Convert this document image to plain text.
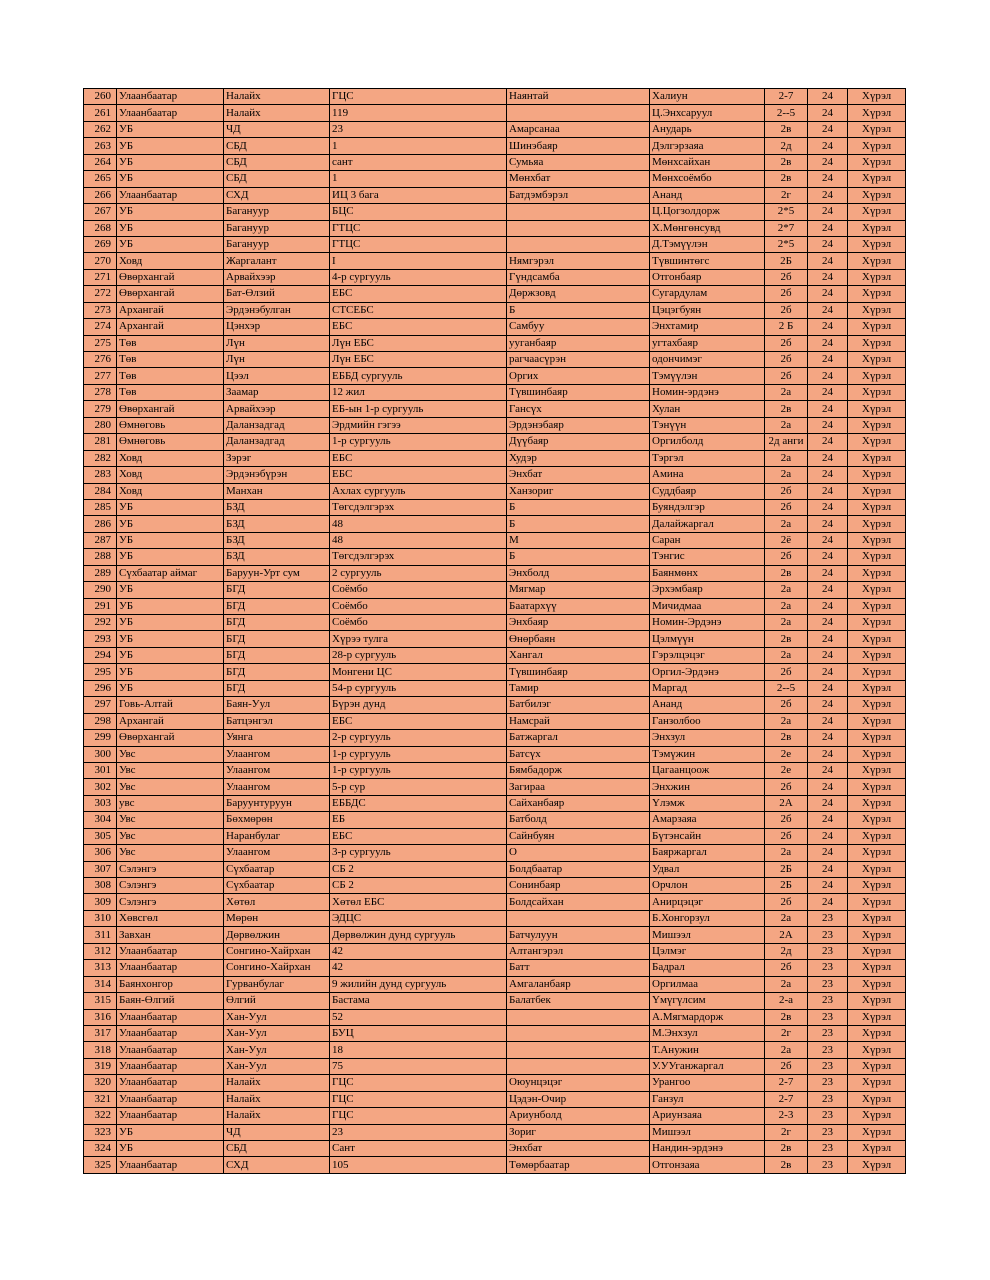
260	Улаанбаатар	Налайх	ГЦС	Наянтай	Халиун	2-7	24	Хүрэл
261	Улаанбаатар	Налайх	119		Ц.Энхсаруул	2--5	24	Хүрэл
262	УБ	ЧД	23	Амарсанаа	Анударь	2в	24	Хүрэл
263	УБ	СБД	1	Шинэбаяр	Дэлгэрзаяа	2д	24	Хүрэл
264	УБ	СБД	сант	Сумьяа	Мөнхсайхан	2в	24	Хүрэл
265	УБ	СБД	1	Мөнхбат	Мөнхсоёмбо	2в	24	Хүрэл
266	Улаанбаатар	СХД	ИЦ 3 бага	Батдэмбэрэл	Ананд	2г	24	Хүрэл
267	УБ	Багануур	БЦС		Ц.Цогзолдорж	2*5	24	Хүрэл
268	УБ	Багануур	ГТЦС		Х.Мөнгөнсувд	2*7	24	Хүрэл
269	УБ	Багануур	ГТЦС		Д.Тэмүүлэн	2*5	24	Хүрэл
270	Ховд	Жаргалант	I	Нямгэрэл	Түвшинтөгс	2Б	24	Хүрэл
271	Өвөрхангай	Арвайхээр	4-р сургууль	Гүндсамба	Отгонбаяр	2б	24	Хүрэл
272	Өвөрхангай	Бат-Өлзий	ЕБС	Дөржзовд	Сугардулам	2б	24	Хүрэл
273	Архангай	Эрдэнэбулган	СТСЕБС	Б	Цэцэгбуян	2б	24	Хүрэл
274	Архангай	Цэнхэр	ЕБС	Самбуу	Энхтамир	2 Б	24	Хүрэл
275	Төв	Лүн	Лүн ЕБС	ууганбаяр	угтахбаяр	2б	24	Хүрэл
276	Төв	Лүн	Лүн ЕБС	рагчаасүрэн	одончимэг	2б	24	Хүрэл
277	Төв	Цээл	ЕББД сургууль	Оргих	Тэмүүлэн	2б	24	Хүрэл
278	Төв	Заамар	12 жил	Түвшинбаяр	Номин-эрдэнэ	2а	24	Хүрэл
279	Өвөрхангай	Арвайхээр	ЕБ-ын 1-р сургууль	Гансүх	Хулан	2в	24	Хүрэл
280	Өмнөговь	Даланзадгад	Эрдмийн гэгээ	Эрдэнэбаяр	Тэнүүн	2а	24	Хүрэл
281	Өмнөговь	Даланзадгад	1-р сургууль	Дүүбаяр	Оргилболд	2д анги	24	Хүрэл
282	Ховд	Зэрэг	ЕБС	Худэр	Тэргэл	2а	24	Хүрэл
283	Ховд	Эрдэнэбүрэн	ЕБС	Энхбат	Амина	2а	24	Хүрэл
284	Ховд	Манхан	Ахлах сургууль	Ханзориг	Суддбаяр	2б	24	Хүрэл
285	УБ	БЗД	Төгсдэлгэрэх	Б	Буяндэлгэр	2б	24	Хүрэл
286	УБ	БЗД	48	Б	Далайжаргал	2а	24	Хүрэл
287	УБ	БЗД	48	М	Саран	2ё	24	Хүрэл
288	УБ	БЗД	Төгсдэлгэрэх	Б	Тэнгис	2б	24	Хүрэл
289	Сүхбаатар аймаг	Баруун-Урт сум	2 сургууль	Энхболд	Баянмөнх	2в	24	Хүрэл
290	УБ	БГД	Соёмбо	Мягмар	Эрхэмбаяр	2а	24	Хүрэл
291	УБ	БГД	Соёмбо	Баатархүү	Мичидмаа	2а	24	Хүрэл
292	УБ	БГД	Соёмбо	Энхбаяр	Номин-Эрдэнэ	2а	24	Хүрэл
293	УБ	БГД	Хүрээ тулга	Өнөрбаян	Цэлмүүн	2в	24	Хүрэл
294	УБ	БГД	28-р сургууль	Хангал	Гэрэлцэцэг	2а	24	Хүрэл
295	УБ	БГД	Монгени ЦС	Түвшинбаяр	Оргил-Эрдэнэ	2б	24	Хүрэл
296	УБ	БГД	54-р сургууль	Тамир	Маргад	2--5	24	Хүрэл
297	Говь-Алтай	Баян-Уул	Бүрэн дунд	Батбилэг	Ананд	2б	24	Хүрэл
298	Архангай	Батцэнгэл	ЕБС	Намсрай	Ганзолбоо	2а	24	Хүрэл
299	Өвөрхангай	Уянга	2-р сургууль	Батжаргал	Энхзул	2в	24	Хүрэл
300	Увс	Улаангом	1-р сургууль	Батсүх	Тэмүжин	2е	24	Хүрэл
301	Увс	Улаангом	1-р сургууль	Бямбадорж	Цагаанцоож	2е	24	Хүрэл
302	Увс	Улаангом	5-р сур	Загираа	Энхжин	2б	24	Хүрэл
303	увс	Баруунтуруун	ЕББДС	Сайханбаяр	Үлэмж	2А	24	Хүрэл
304	Увс	Бөхмөрөн	ЕБ	Батболд	Амарзаяа	2б	24	Хүрэл
305	Увс	Наранбулаг	ЕБС	Сайнбуян	Бүтэнсайн	2б	24	Хүрэл
306	Увс	Улаангом	3-р сургууль	О	Баяржаргал	2а	24	Хүрэл
307	Сэлэнгэ	Сүхбаатар	СБ 2	Болдбаатар	Удвал	2Б	24	Хүрэл
308	Сэлэнгэ	Сүхбаатар	СБ 2	Сонинбаяр	Орчлон	2Б	24	Хүрэл
309	Сэлэнгэ	Хөтөл	Хөтөл ЕБС	Болдсайхан	Анирцэцэг	2б	24	Хүрэл
310	Хөвсгөл	Мөрөн	ЭДЦС		Б.Хонгорзул	2а	23	Хүрэл
311	Завхан	Дөрвөлжин	Дөрвөлжин дунд сургууль	Батчулуун	Мишээл	2А	23	Хүрэл
312	Улаанбаатар	Сонгино-Хайрхан	42	Алтангэрэл	Цэлмэг	2д	23	Хүрэл
313	Улаанбаатар	Сонгино-Хайрхан	42	Батт	Бадрал	2б	23	Хүрэл
314	Баянхонгор	Гурванбулаг	9 жилийн дунд сургууль	Амгаланбаяр	Оргилмаа	2а	23	Хүрэл
315	Баян-Өлгий	Өлгий	Бастама	Балатбек	Үмүгүлсим	2-а	23	Хүрэл
316	Улаанбаатар	Хан-Уул	52		А.Мягмардорж	2в	23	Хүрэл
317	Улаанбаатар	Хан-Уул	БУЦ		М.Энхзул	2г	23	Хүрэл
318	Улаанбаатар	Хан-Уул	18		Т.Анужин	2а	23	Хүрэл
319	Улаанбаатар	Хан-Уул	75		У.УУганжаргал	2б	23	Хүрэл
320	Улаанбаатар	Налайх	ГЦС	Оюунцэцэг	Урангоо	2-7	23	Хүрэл
321	Улаанбаатар	Налайх	ГЦС	Цэдэн-Очир	Ганзул	2-7	23	Хүрэл
322	Улаанбаатар	Налайх	ГЦС	Ариунболд	Ариунзаяа	2-3	23	Хүрэл
323	УБ	ЧД	23	Зориг	Мишээл	2г	23	Хүрэл
324	УБ	СБД	Сант	Энхбат	Нандин-эрдэнэ	2в	23	Хүрэл
325	Улаанбаатар	СХД	105	Төмөрбаатар	Отгонзаяа	2в	23	Хүрэл
